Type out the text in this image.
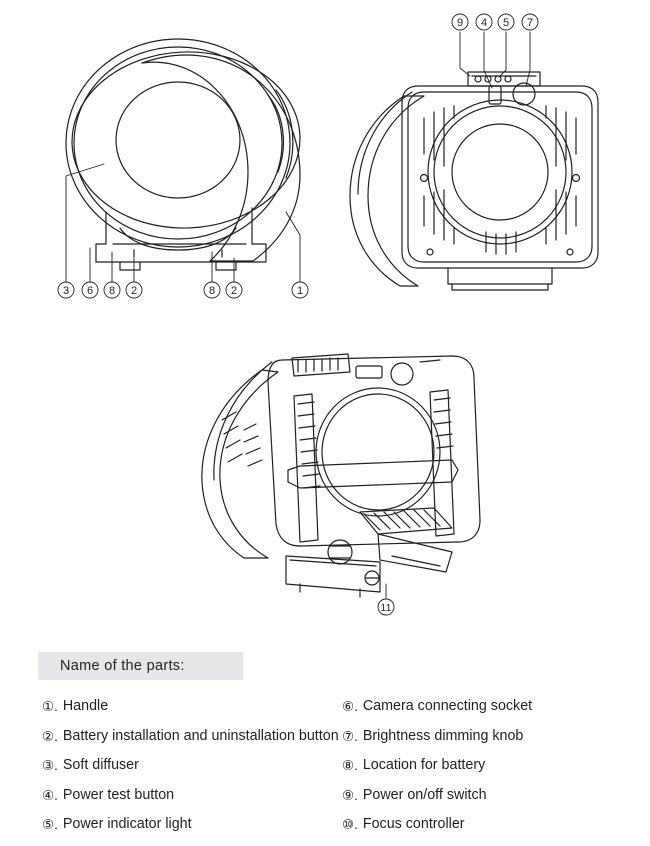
3 6 8 2	8 2	1
9 4 5 7
11
Name of the parts:
①. Handle
②. Battery installation and uninstallation button
③. Soft diffuser
④. Power test button
⑤. Power indicator light
⑥. Camera connecting socket
⑦. Brightness dimming knob
⑧. Location for battery
⑨. Power on/off switch
⑩. Focus controller
